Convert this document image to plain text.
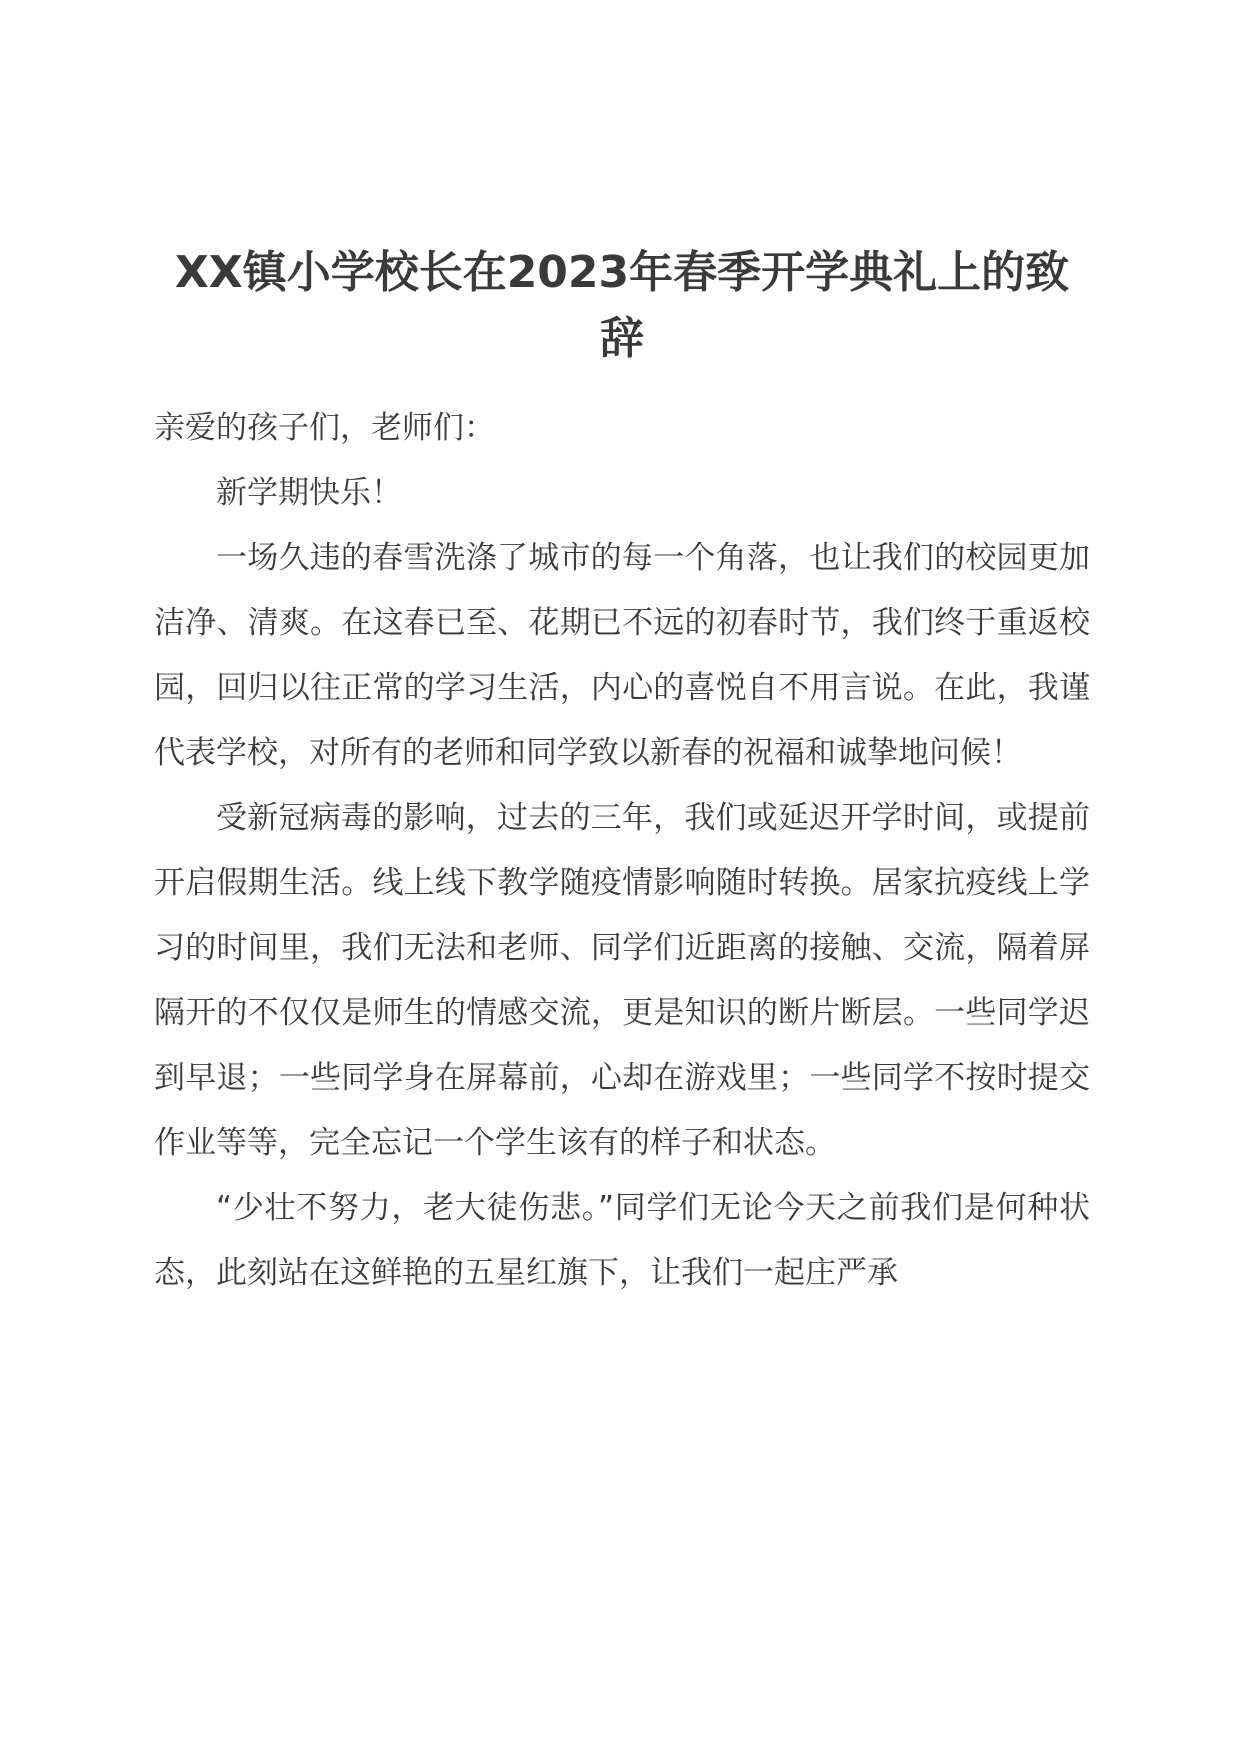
XX镇小学校长在2023年春季开学典礼上的致辞

亲爱的孩子们，老师们：

新学期快乐！

一场久违的春雪洗涤了城市的每一个角落，也让我们的校园更加洁净、清爽。在这春已至、花期已不远的初春时节，我们终于重返校园，回归以往正常的学习生活，内心的喜悦自不用言说。在此，我谨代表学校，对所有的老师和同学致以新春的祝福和诚挚地问候！

受新冠病毒的影响，过去的三年，我们或延迟开学时间，或提前开启假期生活。线上线下教学随疫情影响随时转换。居家抗疫线上学习的时间里，我们无法和老师、同学们近距离的接触、交流，隔着屏隔开的不仅仅是师生的情感交流，更是知识的断片断层。一些同学迟到早退；一些同学身在屏幕前，心却在游戏里；一些同学不按时提交作业等等，完全忘记一个学生该有的样子和状态。

“少壮不努力，老大徒伤悲。”同学们无论今天之前我们是何种状态，此刻站在这鲜艳的五星红旗下，让我们一起庄严承
